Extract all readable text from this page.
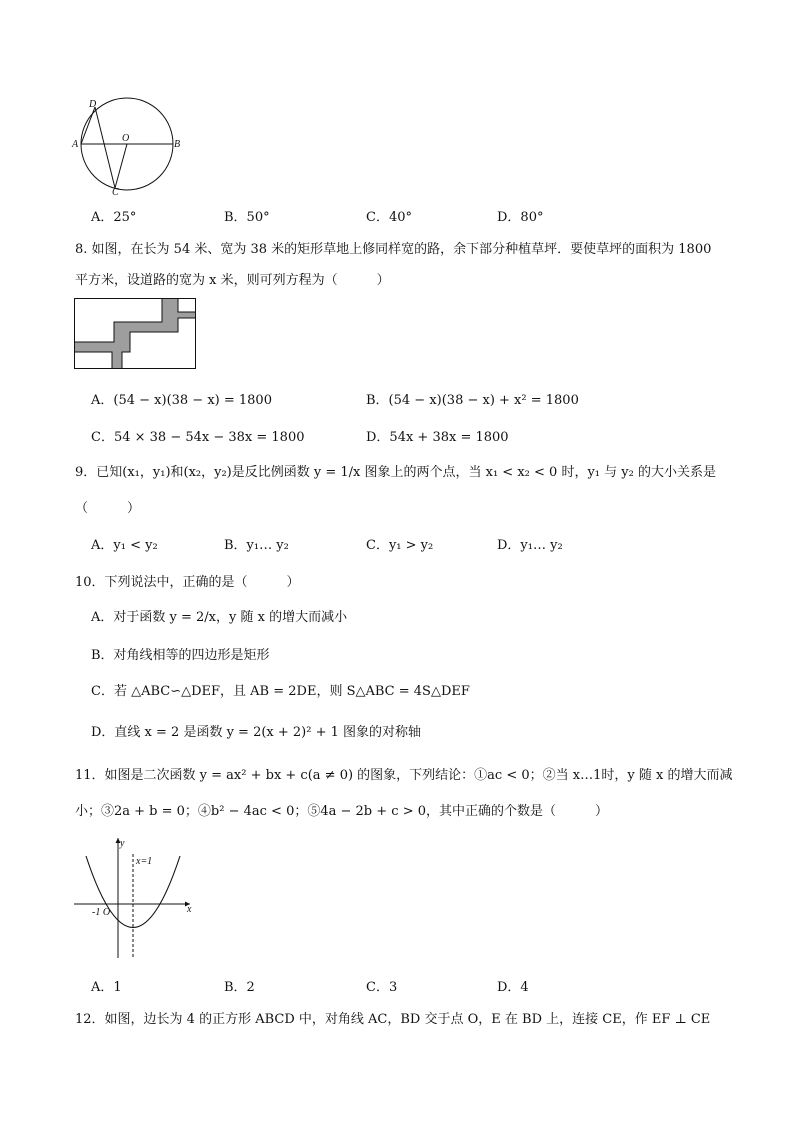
D
O
A	B
C
A．25°	B．50°	C．40°	D．80°
8. 如图，在长为 54 米、宽为 38 米的矩形草地上修同样宽的路，余下部分种植草坪．要使草坪的面积为 1800
平方米，设道路的宽为 x 米，则可列方程为（　　　）
A．(54 − x)(38 − x) = 1800	B．(54 − x)(38 − x) + x² = 1800
C．54 × 38 − 54x − 38x = 1800	D．54x + 38x = 1800
9．已知(x₁，y₁)和(x₂，y₂)是反比例函数 y = 1/x 图象上的两个点，当 x₁ < x₂ < 0 时，y₁ 与 y₂ 的大小关系是
（　　　）
A．y₁ < y₂	B．y₁… y₂	C．y₁ > y₂	D．y₁… y₂
10．下列说法中，正确的是（　　　）
A．对于函数 y = 2/x，y 随 x 的增大而减小
B．对角线相等的四边形是矩形
C．若 △ABC∽△DEF，且 AB = 2DE，则 S△ABC = 4S△DEF
D．直线 x = 2 是函数 y = 2(x + 2)² + 1 图象的对称轴
11．如图是二次函数 y = ax² + bx + c(a ≠ 0) 的图象，下列结论：①ac < 0；②当 x…1时，y 随 x 的增大而减
小；③2a + b = 0；④b² − 4ac < 0；⑤4a − 2b + c > 0，其中正确的个数是（　　　）
y
x
x=1
-1 O
A．1	B．2	C．3	D．4
12．如图，边长为 4 的正方形 ABCD 中，对角线 AC，BD 交于点 O，E 在 BD 上，连接 CE，作 EF ⊥ CE
